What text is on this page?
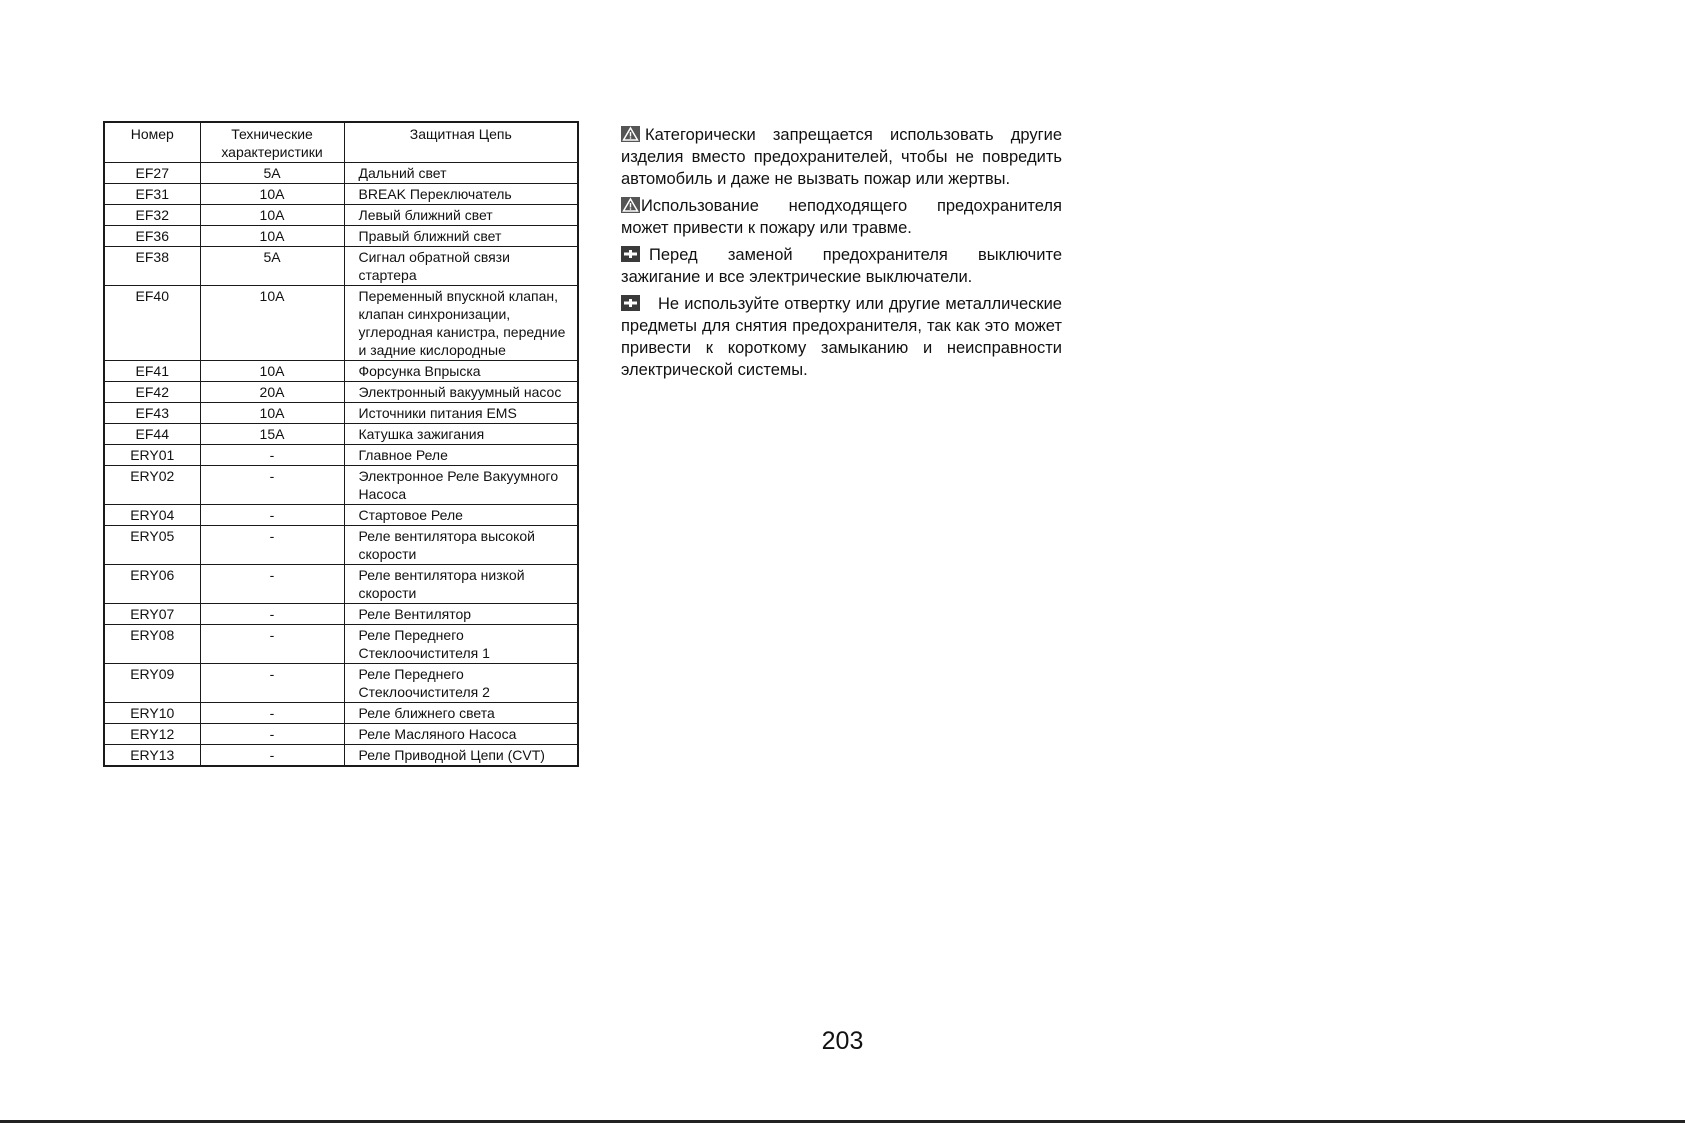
Номер	Технические характеристики	Защитная Цепь
EF27	5A	Дальний свет
EF31	10A	BREAK Переключатель
EF32	10A	Левый ближний свет
EF36	10A	Правый ближний свет
EF38	5A	Сигнал обратной связи стартера
EF40	10A	Переменный впускной клапан, клапан синхронизации, углеродная канистра, передние и задние кислородные
EF41	10A	Форсунка Впрыска
EF42	20A	Электронный вакуумный насос
EF43	10A	Источники питания EMS
EF44	15A	Катушка зажигания
ERY01	-	Главное Реле
ERY02	-	Электронное Реле Вакуумного Насоса
ERY04	-	Стартовое Реле
ERY05	-	Реле вентилятора высокой скорости
ERY06	-	Реле вентилятора низкой скорости
ERY07	-	Реле Вентилятор
ERY08	-	Реле Переднего Стеклоочистителя 1
ERY09	-	Реле Переднего Стеклоочистителя 2
ERY10	-	Реле ближнего света
ERY12	-	Реле Масляного Насоса
ERY13	-	Реле Приводной Цепи (CVT)

Категорически запрещается использовать другие изделия вместо предохранителей, чтобы не повредить автомобиль и даже не вызвать пожар или жертвы.

Использование неподходящего предохранителя может привести к пожару или травме.

Перед заменой предохранителя выключите зажигание и все электрические выключатели.

Не используйте отвертку или другие металлические предметы для снятия предохранителя, так как это может привести к короткому замыканию и неисправности электрической системы.

203
